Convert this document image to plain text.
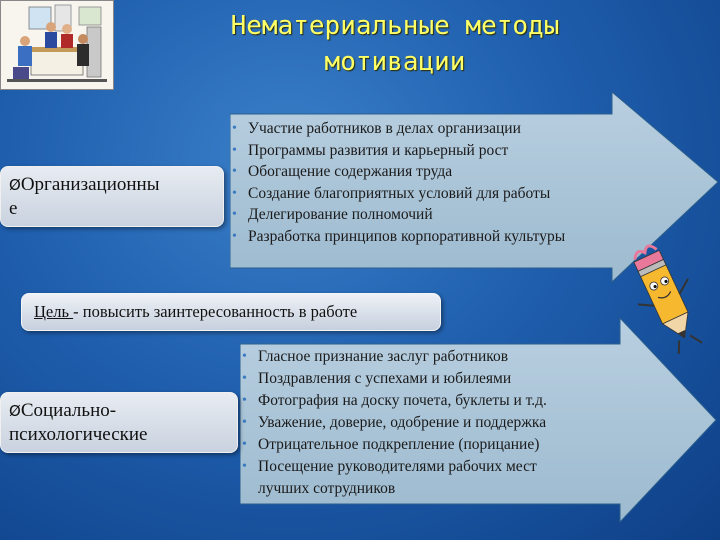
Нематериальные методы
мотивации
• Участие работников в делах организации
• Программы развития и карьерный рост
• Обогащение содержания труда
• Создание благоприятных условий для работы
• Делегирование полномочий
• Разработка принципов корпоративной культуры
ØОрганизационны
е
Цель - повысить заинтересованность в работе
• Гласное признание заслуг работников
• Поздравления с успехами и юбилеями
• Фотография на доску почета, буклеты и т.д.
• Уважение, доверие, одобрение и поддержка
• Отрицательное подкрепление (порицание)
• Посещение руководителями рабочих мест
лучших сотрудников
ØСоциально-
психологические
